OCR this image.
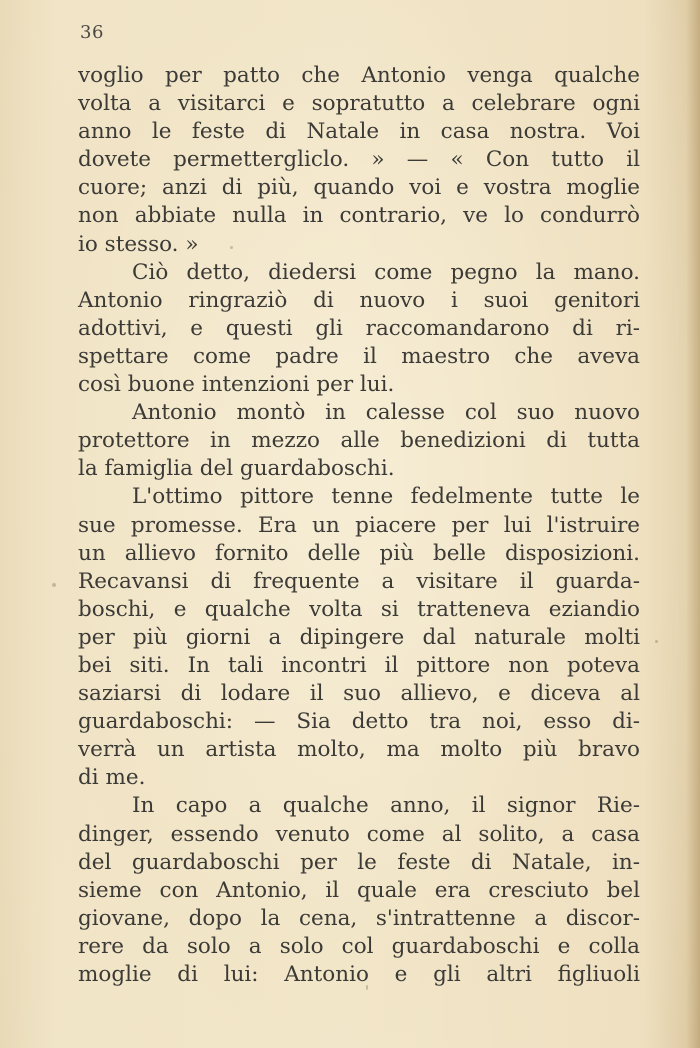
36
voglio per patto che Antonio venga qualche
volta a visitarci e sopratutto a celebrare ogni
anno le feste di Natale in casa nostra. Voi
dovete permettergliclo. » — « Con tutto il
cuore; anzi di più, quando voi e vostra moglie
non abbiate nulla in contrario, ve lo condurrò
io stesso. »
Ciò detto, diedersi come pegno la mano.
Antonio ringraziò di nuovo i suoi genitori
adottivi, e questi gli raccomandarono di ri-
spettare come padre il maestro che aveva
così buone intenzioni per lui.
Antonio montò in calesse col suo nuovo
protettore in mezzo alle benedizioni di tutta
la famiglia del guardaboschi.
L'ottimo pittore tenne fedelmente tutte le
sue promesse. Era un piacere per lui l'istruire
un allievo fornito delle più belle disposizioni.
Recavansi di frequente a visitare il guarda-
boschi, e qualche volta si tratteneva eziandio
per più giorni a dipingere dal naturale molti
bei siti. In tali incontri il pittore non poteva
saziarsi di lodare il suo allievo, e diceva al
guardaboschi: — Sia detto tra noi, esso di-
verrà un artista molto, ma molto più bravo
di me.
In capo a qualche anno, il signor Rie-
dinger, essendo venuto come al solito, a casa
del guardaboschi per le feste di Natale, in-
sieme con Antonio, il quale era cresciuto bel
giovane, dopo la cena, s'intrattenne a discor-
rere da solo a solo col guardaboschi e colla
moglie di lui: Antonio e gli altri figliuoli
